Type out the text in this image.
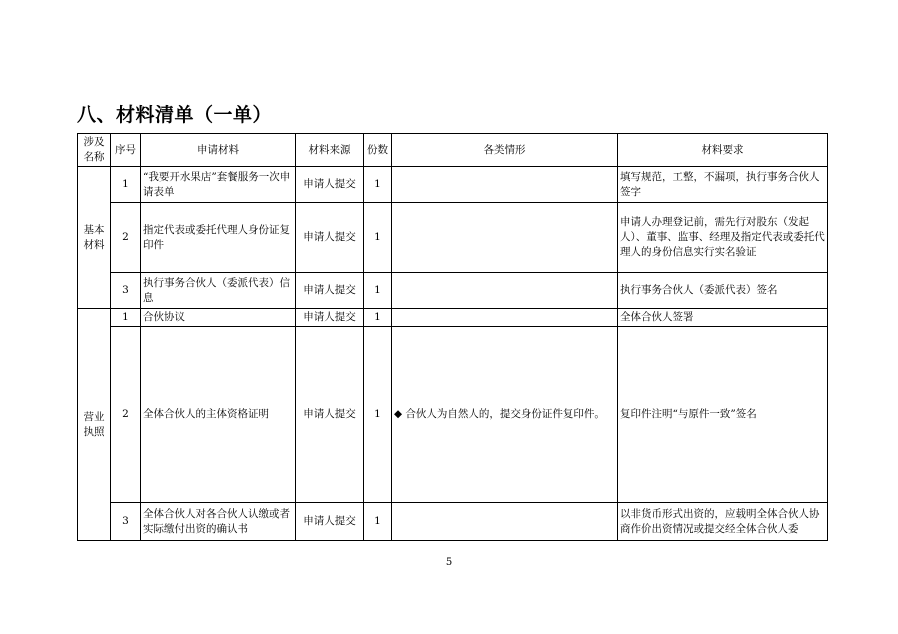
八、材料清单（一单）
涉及名称	序号	申请材料	材料来源	份数	各类情形	材料要求
基本材料	1	“我要开水果店”套餐服务一次申请表单	申请人提交	1		填写规范，工整，不漏项，执行事务合伙人签字
	2	指定代表或委托代理人身份证复印件	申请人提交	1		申请人办理登记前，需先行对股东（发起人）、董事、监事、经理及指定代表或委托代理人的身份信息实行实名验证
	3	执行事务合伙人（委派代表）信息	申请人提交	1		执行事务合伙人（委派代表）签名
营业执照	1	合伙协议	申请人提交	1		全体合伙人签署
	2	全体合伙人的主体资格证明	申请人提交	1	◆ 合伙人为自然人的，提交身份证件复印件。	复印件注明“与原件一致”签名
	3	全体合伙人对各合伙人认缴或者实际缴付出资的确认书	申请人提交	1		以非货币形式出资的，应载明全体合伙人协商作价出资情况或提交经全体合伙人委
5
